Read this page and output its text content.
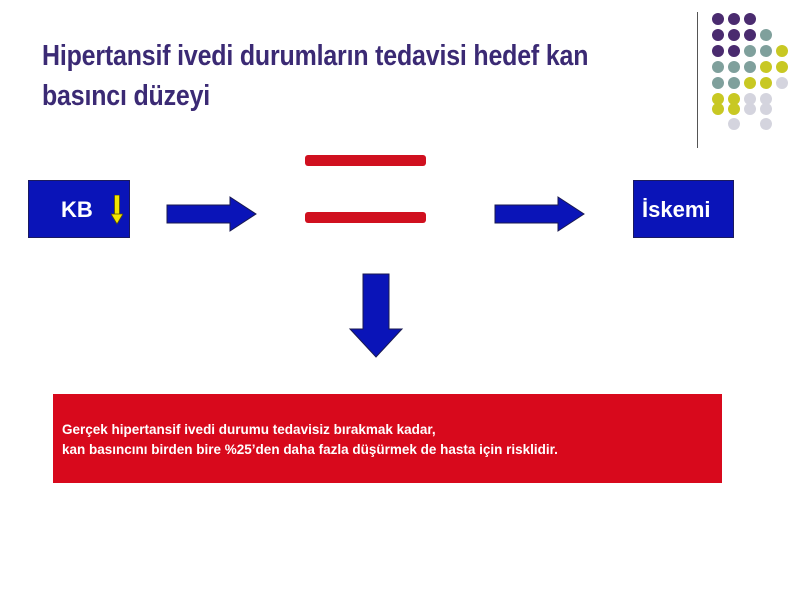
Hipertansif ivedi durumların tedavisi hedef kan basıncı düzeyi
KB	İskemi
Gerçek hipertansif ivedi durumu tedavisiz bırakmak kadar,
kan basıncını birden bire %25’den daha fazla düşürmek de hasta için risklidir.
